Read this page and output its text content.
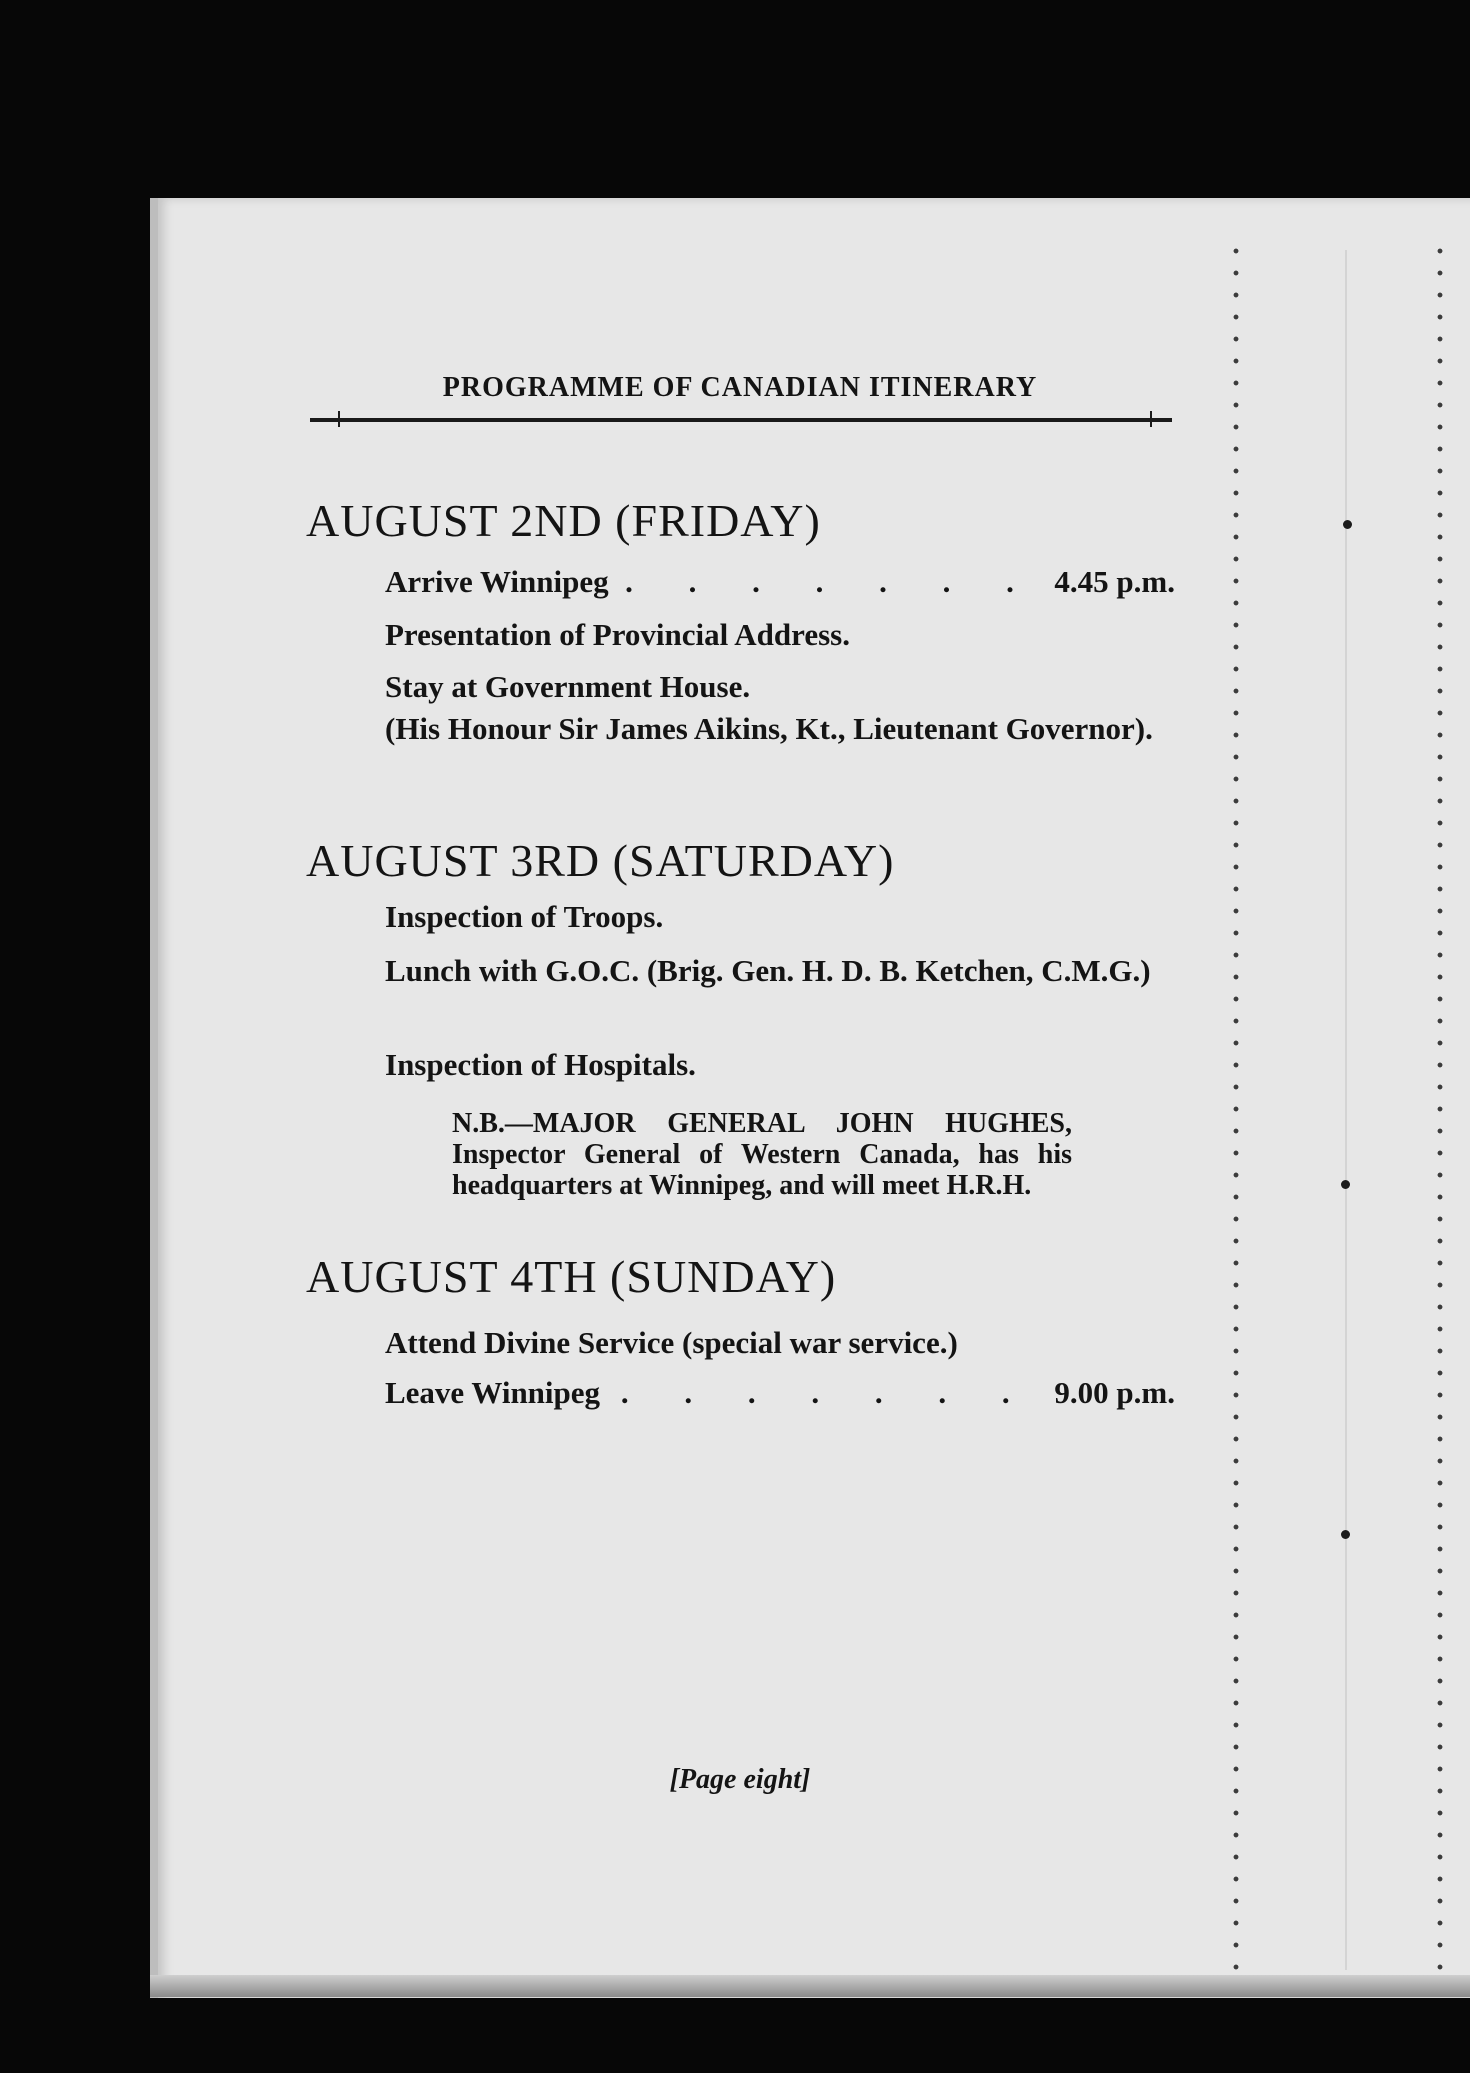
PROGRAMME OF CANADIAN ITINERARY
AUGUST 2ND (FRIDAY)
Arrive Winnipeg . . . . . . . 4.45 p.m.
Presentation of Provincial Address.
Stay at Government House.
(His Honour Sir James Aikins, Kt., Lieutenant Governor).
AUGUST 3RD (SATURDAY)
Inspection of Troops.
Lunch with G.O.C. (Brig. Gen. H. D. B. Ketchen, C.M.G.)
Inspection of Hospitals.
N.B.—MAJOR GENERAL JOHN HUGHES, Inspector General of Western Canada, has his headquarters at Winnipeg, and will meet H.R.H.
AUGUST 4TH (SUNDAY)
Attend Divine Service (special war service.)
Leave Winnipeg . . . . . . . 9.00 p.m.
[Page eight]
